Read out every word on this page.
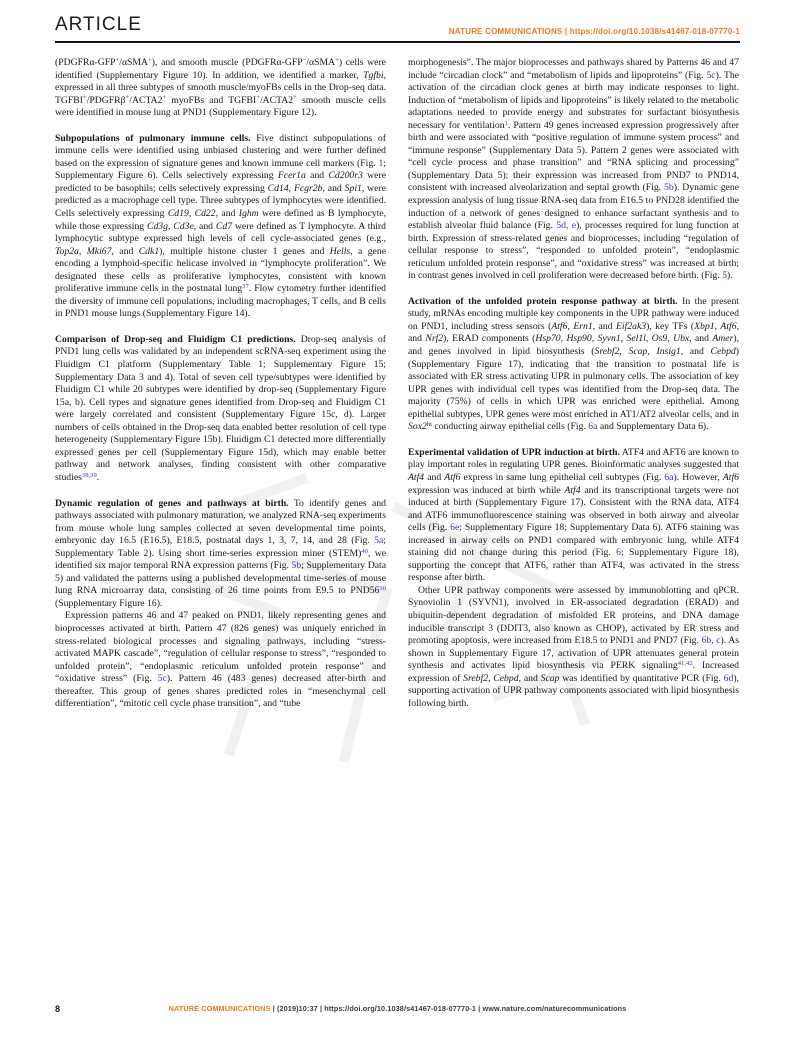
ARTICLE	NATURE COMMUNICATIONS | https://doi.org/10.1038/s41467-018-07770-1

(PDGFRα-GFP+/αSMA+), and smooth muscle (PDGFRα-GFP−/αSMA+) cells were identified (Supplementary Figure 10). In addition, we identified a marker, Tgfbi, expressed in all three subtypes of smooth muscle/myoFBs cells in the Drop-seq data. TGFBI+/PDGFRβ+/ACTA2+ myoFBs and TGFBI+/ACTA2+ smooth muscle cells were identified in mouse lung at PND1 (Supplementary Figure 12).

Subpopulations of pulmonary immune cells. Five distinct subpopulations of immune cells were identified using unbiased clustering and were further defined based on the expression of signature genes and known immune cell markers (Fig. 1; Supplementary Figure 6). Cells selectively expressing Fcer1a and Cd200r3 were predicted to be basophils; cells selectively expressing Cd14, Fcgr2b, and Spi1, were predicted as a macrophage cell type. Three subtypes of lymphocytes were identified. Cells selectively expressing Cd19, Cd22, and Ighm were defined as B lymphocyte, while those expressing Cd3g, Cd3e, and Cd7 were defined as T lymphocyte. A third lymphocytic subtype expressed high levels of cell cycle-associated genes (e.g., Top2a, Mki67, and Cdk1), multiple histone cluster 1 genes and Hells, a gene encoding a lymphoid-specific helicase involved in “lymphocyte proliferation”. We designated these cells as proliferative lymphocytes, consistent with known proliferative immune cells in the postnatal lung$^{37}$. Flow cytometry further identified the diversity of immune cell populations, including macrophages, T cells, and B cells in PND1 mouse lungs (Supplementary Figure 14).

Comparison of Drop-seq and Fluidigm C1 predictions. Drop-seq analysis of PND1 lung cells was validated by an independent scRNA-seq experiment using the Fluidigm C1 platform (Supplementary Table 1; Supplementary Figure 15; Supplementary Data 3 and 4). Total of seven cell type/subtypes were identified by Fluidigm C1 while 20 subtypes were identified by drop-seq (Supplementary Figure 15a, b). Cell types and signature genes identified from Drop-seq and Fluidigm C1 were largely correlated and consistent (Supplementary Figure 15c, d). Larger numbers of cells obtained in the Drop-seq data enabled better resolution of cell type heterogeneity (Supplementary Figure 15b). Fluidigm C1 detected more differentially expressed genes per cell (Supplementary Figure 15d), which may enable better pathway and network analyses, finding consistent with other comparative studies$^{38,39}$.

Dynamic regulation of genes and pathways at birth. To identify genes and pathways associated with pulmonary maturation, we analyzed RNA-seq experiments from mouse whole lung samples collected at seven developmental time points, embryonic day 16.5 (E16.5), E18.5, postnatal days 1, 3, 7, 14, and 28 (Fig. 5a; Supplementary Table 2). Using short time-series expression miner (STEM)$^{40}$, we identified six major temporal RNA expression patterns (Fig. 5b; Supplementary Data 5) and validated the patterns using a published developmental time-series of mouse lung RNA microarray data, consisting of 26 time points from E9.5 to $PND56^{10}$ (Supplementary Figure 16).

Expression patterns 46 and 47 peaked on PND1, likely representing genes and bioprocesses activated at birth. Pattern 47 (826 genes) was uniquely enriched in stress-related biological processes and signaling pathways, including “stress-activated MAPK cascade”, “regulation of cellular response to stress”, “responded to unfolded protein”, “endoplasmic reticulum unfolded protein response” and “oxidative stress” (Fig. 5c). Pattern 46 (483 genes) decreased after-birth and thereafter. This group of genes shares predicted roles in “mesenchymal cell differentiation”, “mitotic cell cycle phase transition”, and “tube

morphogenesis”. The major bioprocesses and pathways shared by Patterns 46 and 47 include “circadian clock” and “metabolism of lipids and lipoproteins” (Fig. 5c). The activation of the circadian clock genes at birth may indicate responses to light. Induction of “metabolism of lipids and lipoproteins” is likely related to the metabolic adaptations needed to provide energy and substrates for surfactant biosynthesis necessary for ventilation$^1$. Pattern 49 genes increased expression progressively after birth and were associated with “positive regulation of immune system process” and “immune response” (Supplementary Data 5). Pattern 2 genes were associated with “cell cycle process and phase transition” and “RNA splicing and processing” (Supplementary Data 5); their expression was increased from PND7 to PND14, consistent with increased alveolarization and septal growth (Fig. 5b). Dynamic gene expression analysis of lung tissue RNA-seq data from E16.5 to PND28 identified the induction of a network of genes designed to enhance surfactant synthesis and to establish alveolar fluid balance (Fig. 5d, e), processes required for lung function at birth. Expression of stress-related genes and bioprocesses, including “regulation of cellular response to stress”, “responded to unfolded protein”, “endoplasmic reticulum unfolded protein response”, and “oxidative stress” was increased at birth; in contrast genes involved in cell proliferation were decreased before birth. (Fig. 5).

Activation of the unfolded protein response pathway at birth. In the present study, mRNAs encoding multiple key components in the UPR pathway were induced on PND1, including stress sensors (Atf6, Ern1, and Eif2ak3), key TFs (Xbp1, Atf6, and Nrf2), ERAD components (Hsp70, Hsp90, Syvn1, Sel1l, Os9, Ubx, and Amer), and genes involved in lipid biosynthesis (Srebf2, Scap, Insig1, and Cebpd) (Supplementary Figure 17), indicating that the transition to postnatal life is associated with ER stress activating UPR in pulmonary cells. The association of key UPR genes with individual cell types was identified from the Drop-seq data. The majority (75%) of cells in which UPR was enriched were epithelial. Among epithelial subtypes, UPR genes were most enriched in AT1/AT2 alveolar cells, and in $Sox2^{hi}$ conducting airway epithelial cells (Fig. 6a and Supplementary Data 6).

Experimental validation of UPR induction at birth. ATF4 and AFT6 are known to play important roles in regulating UPR genes. Bioinformatic analyses suggested that Atf4 and Atf6 express in same lung epithelial cell subtypes (Fig. 6a). However, Atf6 expression was induced at birth while Atf4 and its transcriptional targets were not induced at birth (Supplementary Figure 17). Consistent with the RNA data, ATF4 and ATF6 immunofluorescence staining was observed in both airway and alveolar cells (Fig. 6e; Supplementary Figure 18; Supplementary Data 6). ATF6 staining was increased in airway cells on PND1 compared with embryonic lung, while ATF4 staining did not change during this period (Fig. 6; Supplementary Figure 18), supporting the concept that ATF6, rather than ATF4, was activated in the stress response after birth.

Other UPR pathway components were assessed by immunoblotting and qPCR. Synoviolin 1 (SYVN1), involved in ER-associated degradation (ERAD) and ubiquitin-dependent degradation of misfolded ER proteins, and DNA damage inducible transcript 3 (DDIT3, also known as CHOP), activated by ER stress and promoting apoptosis, were increased from E18.5 to PND1 and PND7 (Fig. 6b, c). As shown in Supplementary Figure 17, activation of UPR attenuates general protein synthesis and activates lipid biosynthesis via PERK signaling$^{41,42}$. Increased expression of Srebf2, Cebpd, and Scap was identified by quantitative PCR (Fig. 6d), supporting activation of UPR pathway components associated with lipid biosynthesis following birth.

8	NATURE COMMUNICATIONS | (2019)10:37 | https://doi.org/10.1038/s41467-018-07770-1 | www.nature.com/naturecommunications
